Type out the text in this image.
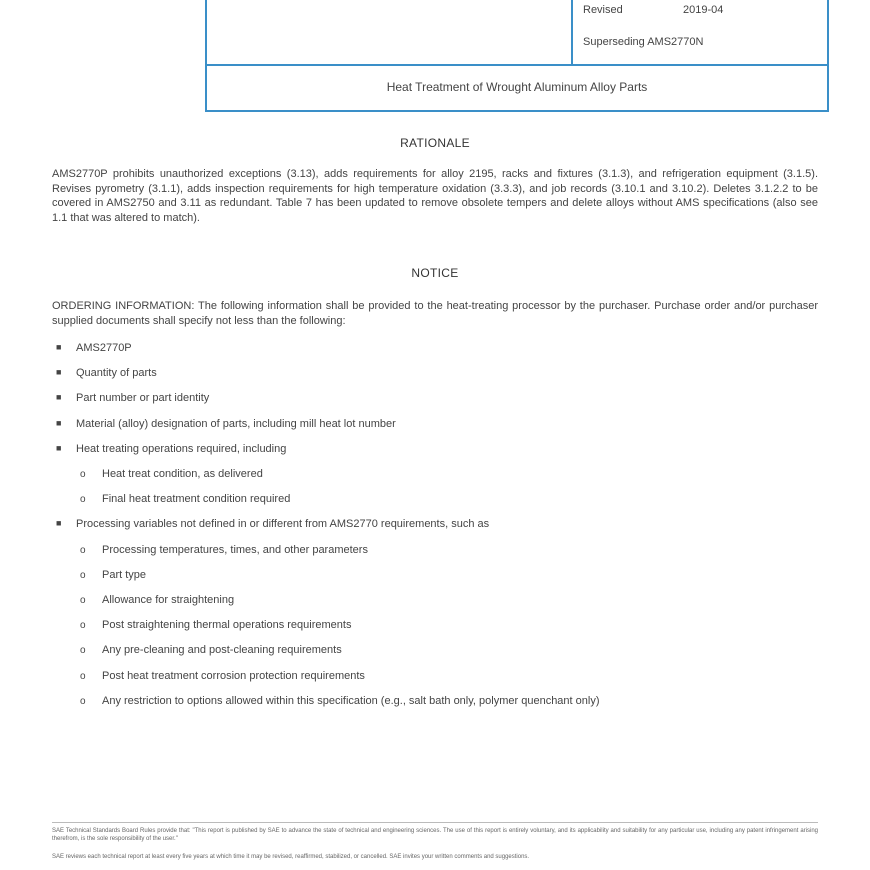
Revised	2019-04
Superseding AMS2770N
Heat Treatment of Wrought Aluminum Alloy Parts
RATIONALE
AMS2770P prohibits unauthorized exceptions (3.13), adds requirements for alloy 2195, racks and fixtures (3.1.3), and refrigeration equipment (3.1.5). Revises pyrometry (3.1.1), adds inspection requirements for high temperature oxidation (3.3.3), and job records (3.10.1 and 3.10.2). Deletes 3.1.2.2 to be covered in AMS2750 and 3.11 as redundant. Table 7 has been updated to remove obsolete tempers and delete alloys without AMS specifications (also see 1.1 that was altered to match).
NOTICE
ORDERING INFORMATION: The following information shall be provided to the heat-treating processor by the purchaser. Purchase order and/or purchaser supplied documents shall specify not less than the following:
■ AMS2770P
■ Quantity of parts
■ Part number or part identity
■ Material (alloy) designation of parts, including mill heat lot number
■ Heat treating operations required, including
o Heat treat condition, as delivered
o Final heat treatment condition required
■ Processing variables not defined in or different from AMS2770 requirements, such as
o Processing temperatures, times, and other parameters
o Part type
o Allowance for straightening
o Post straightening thermal operations requirements
o Any pre-cleaning and post-cleaning requirements
o Post heat treatment corrosion protection requirements
o Any restriction to options allowed within this specification (e.g., salt bath only, polymer quenchant only)
SAE Technical Standards Board Rules provide that: "This report is published by SAE to advance the state of technical and engineering sciences. The use of this report is entirely voluntary, and its applicability and suitability for any particular use, including any patent infringement arising therefrom, is the sole responsibility of the user."
SAE reviews each technical report at least every five years at which time it may be revised, reaffirmed, stabilized, or cancelled. SAE invites your written comments and suggestions.
